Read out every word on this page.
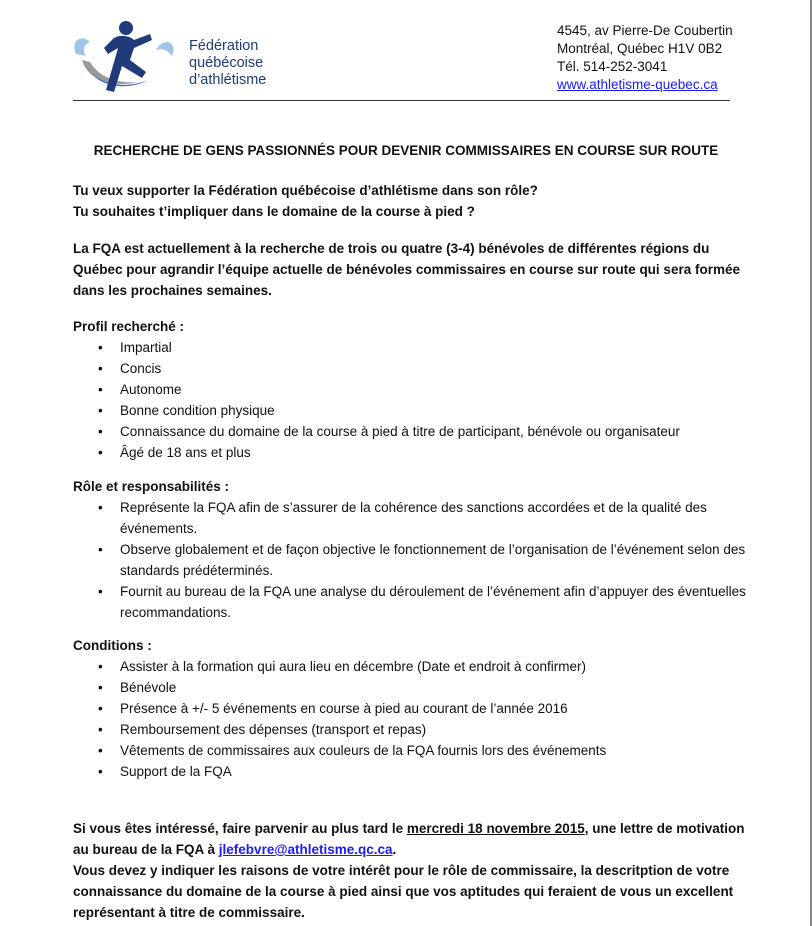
Fédération
québécoise
d’athlétisme
4545, av Pierre-De Coubertin
Montréal, Québec H1V 0B2
Tél. 514-252-3041
www.athletisme-quebec.ca
RECHERCHE DE GENS PASSIONNÉS POUR DEVENIR COMMISSAIRES EN COURSE SUR ROUTE
Tu veux supporter la Fédération québécoise d’athlétisme dans son rôle?
Tu souhaites t’impliquer dans le domaine de la course à pied ?
La FQA est actuellement à la recherche de trois ou quatre (3-4) bénévoles de différentes régions du Québec pour agrandir l’équipe actuelle de bénévoles commissaires en course sur route qui sera formée dans les prochaines semaines.
Profil recherché :
• Impartial
• Concis
• Autonome
• Bonne condition physique
• Connaissance du domaine de la course à pied à titre de participant, bénévole ou organisateur
• Âgé de 18 ans et plus
Rôle et responsabilités :
• Représente la FQA afin de s’assurer de la cohérence des sanctions accordées et de la qualité des événements.
• Observe globalement et de façon objective le fonctionnement de l’organisation de l’événement selon des standards prédéterminés.
• Fournit au bureau de la FQA une analyse du déroulement de l’événement afin d’appuyer des éventuelles recommandations.
Conditions :
• Assister à la formation qui aura lieu en décembre (Date et endroit à confirmer)
• Bénévole
• Présence à +/- 5 événements en course à pied au courant de l’année 2016
• Remboursement des dépenses (transport et repas)
• Vêtements de commissaires aux couleurs de la FQA fournis lors des événements
• Support de la FQA
Si vous êtes intéressé, faire parvenir au plus tard le mercredi 18 novembre 2015, une lettre de motivation au bureau de la FQA à jlefebvre@athletisme.qc.ca.
Vous devez y indiquer les raisons de votre intérêt pour le rôle de commissaire, la descritption de votre connaissance du domaine de la course à pied ainsi que vos aptitudes qui feraient de vous un excellent représentant à titre de commissaire.
